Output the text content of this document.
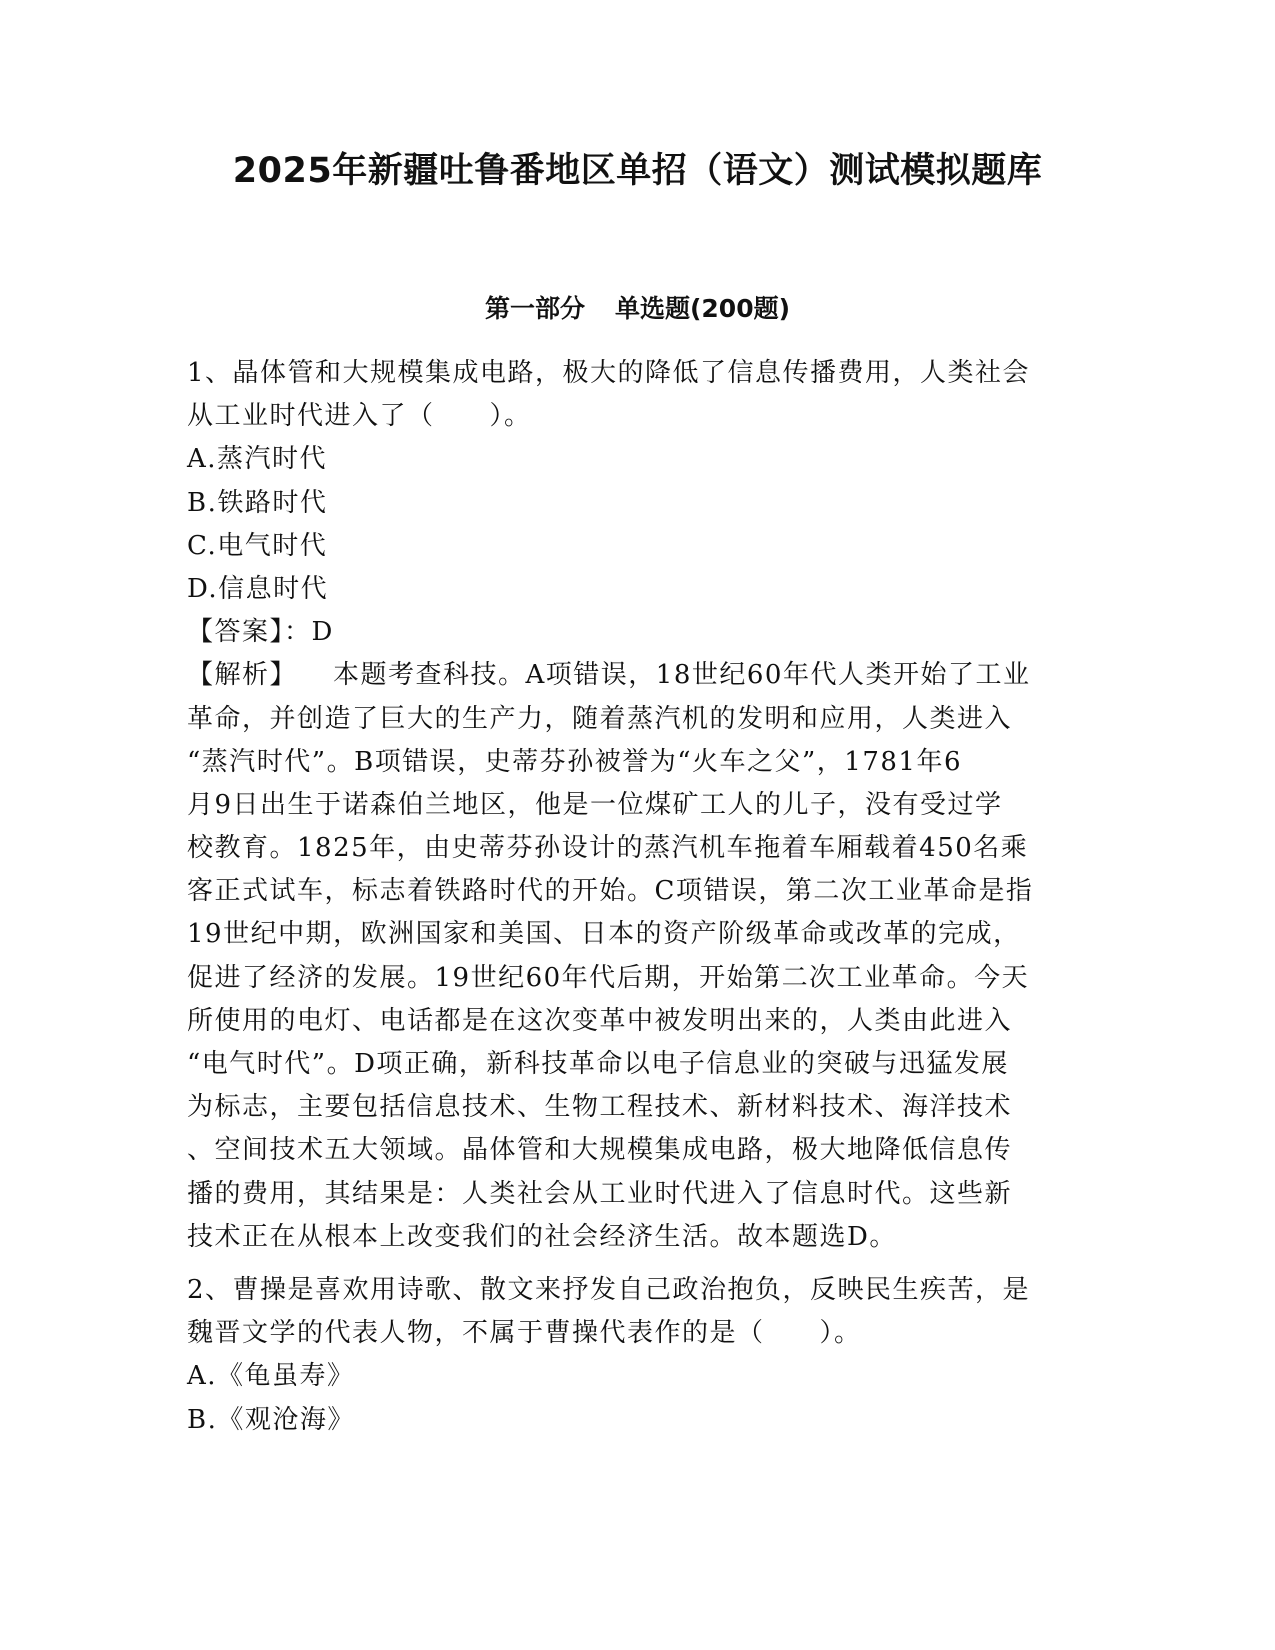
2025年新疆吐鲁番地区单招（语文）测试模拟题库
第一部分 单选题(200题)
1、晶体管和大规模集成电路，极大的降低了信息传播费用，人类社会
从工业时代进入了（　　）。
A.蒸汽时代
B.铁路时代
C.电气时代
D.信息时代
【答案】：D
【解析】 本题考查科技。A项错误，18世纪60年代人类开始了工业
革命，并创造了巨大的生产力，随着蒸汽机的发明和应用，人类进入
“蒸汽时代”。B项错误，史蒂芬孙被誉为“火车之父”，1781年6
月9日出生于诺森伯兰地区，他是一位煤矿工人的儿子，没有受过学
校教育。1825年，由史蒂芬孙设计的蒸汽机车拖着车厢载着450名乘
客正式试车，标志着铁路时代的开始。C项错误，第二次工业革命是指
19世纪中期，欧洲国家和美国、日本的资产阶级革命或改革的完成，
促进了经济的发展。19世纪60年代后期，开始第二次工业革命。今天
所使用的电灯、电话都是在这次变革中被发明出来的，人类由此进入
“电气时代”。D项正确，新科技革命以电子信息业的突破与迅猛发展
为标志，主要包括信息技术、生物工程技术、新材料技术、海洋技术
、空间技术五大领域。晶体管和大规模集成电路，极大地降低信息传
播的费用，其结果是：人类社会从工业时代进入了信息时代。这些新
技术正在从根本上改变我们的社会经济生活。故本题选D。
2、曹操是喜欢用诗歌、散文来抒发自己政治抱负，反映民生疾苦，是
魏晋文学的代表人物，不属于曹操代表作的是（　　）。
A.《龟虽寿》
B.《观沧海》
